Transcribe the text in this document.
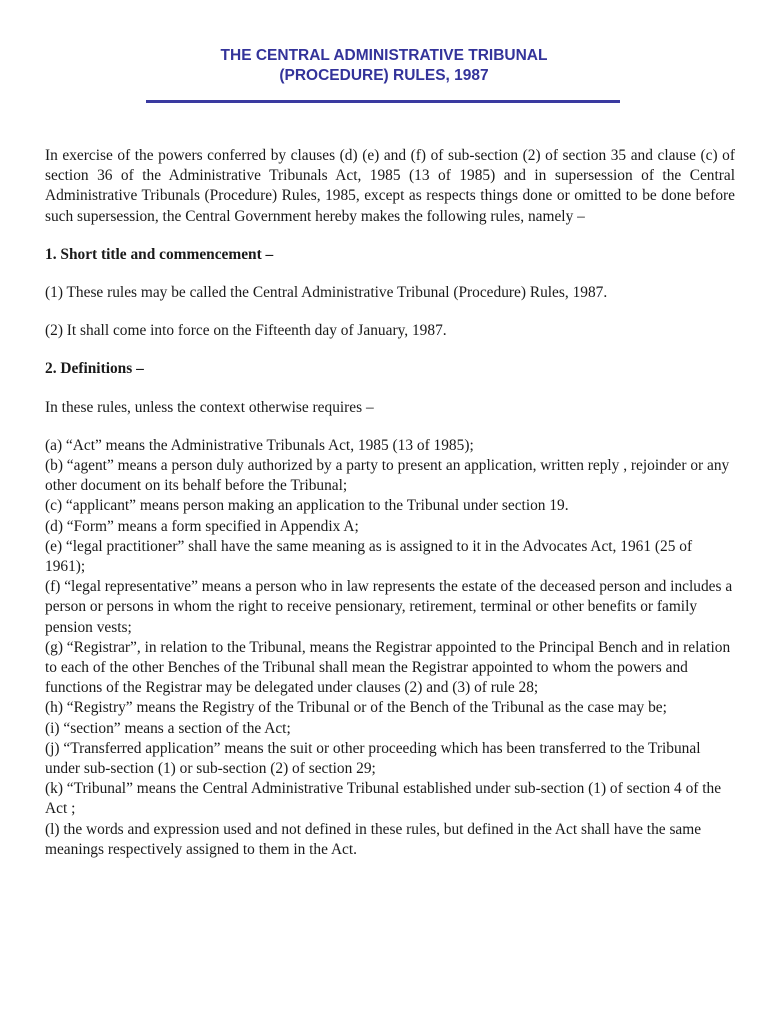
THE CENTRAL ADMINISTRATIVE TRIBUNAL
(PROCEDURE) RULES, 1987

In exercise of the powers conferred by clauses (d) (e) and (f) of sub-section (2) of section 35 and clause (c) of section 36 of the Administrative Tribunals Act, 1985 (13 of 1985) and in supersession of the Central Administrative Tribunals (Procedure) Rules, 1985, except as respects things done or omitted to be done before such supersession, the Central Government hereby makes the following rules, namely –

1. Short title and commencement –

(1) These rules may be called the Central Administrative Tribunal (Procedure) Rules, 1987.

(2) It shall come into force on the Fifteenth day of January, 1987.

2. Definitions –

In these rules, unless the context otherwise requires –

(a) “Act” means the Administrative Tribunals Act, 1985 (13 of 1985);
(b) “agent” means a person duly authorized by a party to present an application, written reply , rejoinder or any other document on its behalf before the Tribunal;
(c) “applicant” means person making an application to the Tribunal under section 19.
(d) “Form” means a form specified in Appendix A;
(e) “legal practitioner” shall have the same meaning as is assigned to it in the Advocates Act, 1961 (25 of 1961);
(f) “legal representative” means a person who in law represents the estate of the deceased person and includes a person or persons in whom the right to receive pensionary, retirement, terminal or other benefits or family pension vests;
(g) “Registrar”, in relation to the Tribunal, means the Registrar appointed to the Principal Bench and in relation to each of the other Benches of the Tribunal shall mean the Registrar appointed to whom the powers and functions of the Registrar may be delegated under clauses (2) and (3) of rule 28;
(h) “Registry” means the Registry of the Tribunal or of the Bench of the Tribunal as the case may be;
(i) “section” means a section of the Act;
(j) “Transferred application” means the suit or other proceeding which has been transferred to the Tribunal under sub-section (1) or sub-section (2) of section 29;
(k) “Tribunal” means the Central Administrative Tribunal established under sub-section (1) of section 4 of the Act ;
(l) the words and expression used and not defined in these rules, but defined in the Act shall have the same meanings respectively assigned to them in the Act.
